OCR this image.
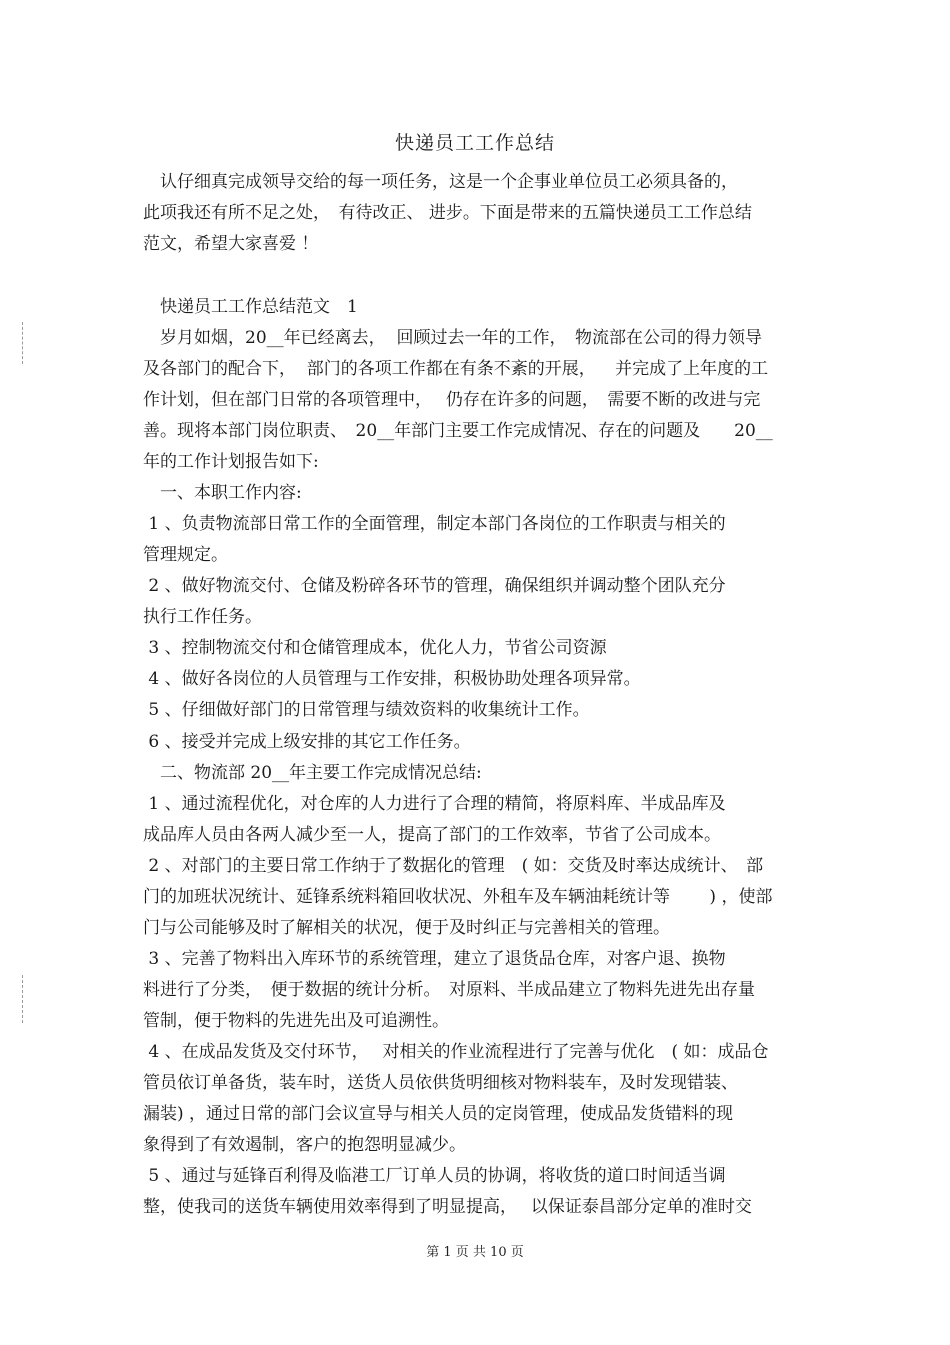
快递员工工作总结
　认仔细真完成领导交给的每一项任务，这是一个企事业单位员工必须具备的，
此项我还有所不足之处，　有待改正、 进步。下面是带来的五篇快递员工工作总结
范文，希望大家喜爱 ！
　快递员工工作总结范文　1
　岁月如烟，20__年已经离去，  回顾过去一年的工作，　物流部在公司的得力领导
及各部门的配合下，  部门的各项工作都在有条不紊的开展，　  并完成了上年度的工
作计划，但在部门日常的各项管理中，　 仍存在许多的问题，　需要不断的改进与完
善。现将本部门岗位职责、　20__年部门主要工作完成情况、存在的问题及　　20__
年的工作计划报告如下:
　一、本职工作内容:
1 、负责物流部日常工作的全面管理，制定本部门各岗位的工作职责与相关的
管理规定。
2 、做好物流交付、仓储及粉碎各环节的管理，确保组织并调动整个团队充分
执行工作任务。
3 、控制物流交付和仓储管理成本，优化人力，节省公司资源
4 、做好各岗位的人员管理与工作安排，积极协助处理各项异常。
5 、仔细做好部门的日常管理与绩效资料的收集统计工作。
6 、接受并完成上级安排的其它工作任务。
　二、物流部 20__年主要工作完成情况总结:
1 、通过流程优化，对仓库的人力进行了合理的精简，将原料库、半成品库及
成品库人员由各两人减少至一人，提高了部门的工作效率，节省了公司成本。
2 、对部门的主要日常工作纳于了数据化的管理　( 如：交货及时率达成统计、　部
门的加班状况统计、延锋系统料箱回收状况、外租车及车辆油耗统计等　　 ) ，使部
门与公司能够及时了解相关的状况，便于及时纠正与完善相关的管理。
3 、完善了物料出入库环节的系统管理，建立了退货品仓库，对客户退、换物
料进行了分类，　便于数据的统计分析。　对原料、半成品建立了物料先进先出存量
管制，便于物料的先进先出及可追溯性。
4 、在成品发货及交付环节，　 对相关的作业流程进行了完善与优化　( 如：成品仓
管员依订单备货，装车时，送货人员依供货明细核对物料装车，及时发现错装、
漏装) ，通过日常的部门会议宣导与相关人员的定岗管理，使成品发货错料的现
象得到了有效遏制，客户的抱怨明显减少。
5 、通过与延锋百利得及临港工厂订单人员的协调，将收货的道口时间适当调
整，使我司的送货车辆使用效率得到了明显提高，　 以保证泰昌部分定单的准时交
第 1 页 共 10 页
